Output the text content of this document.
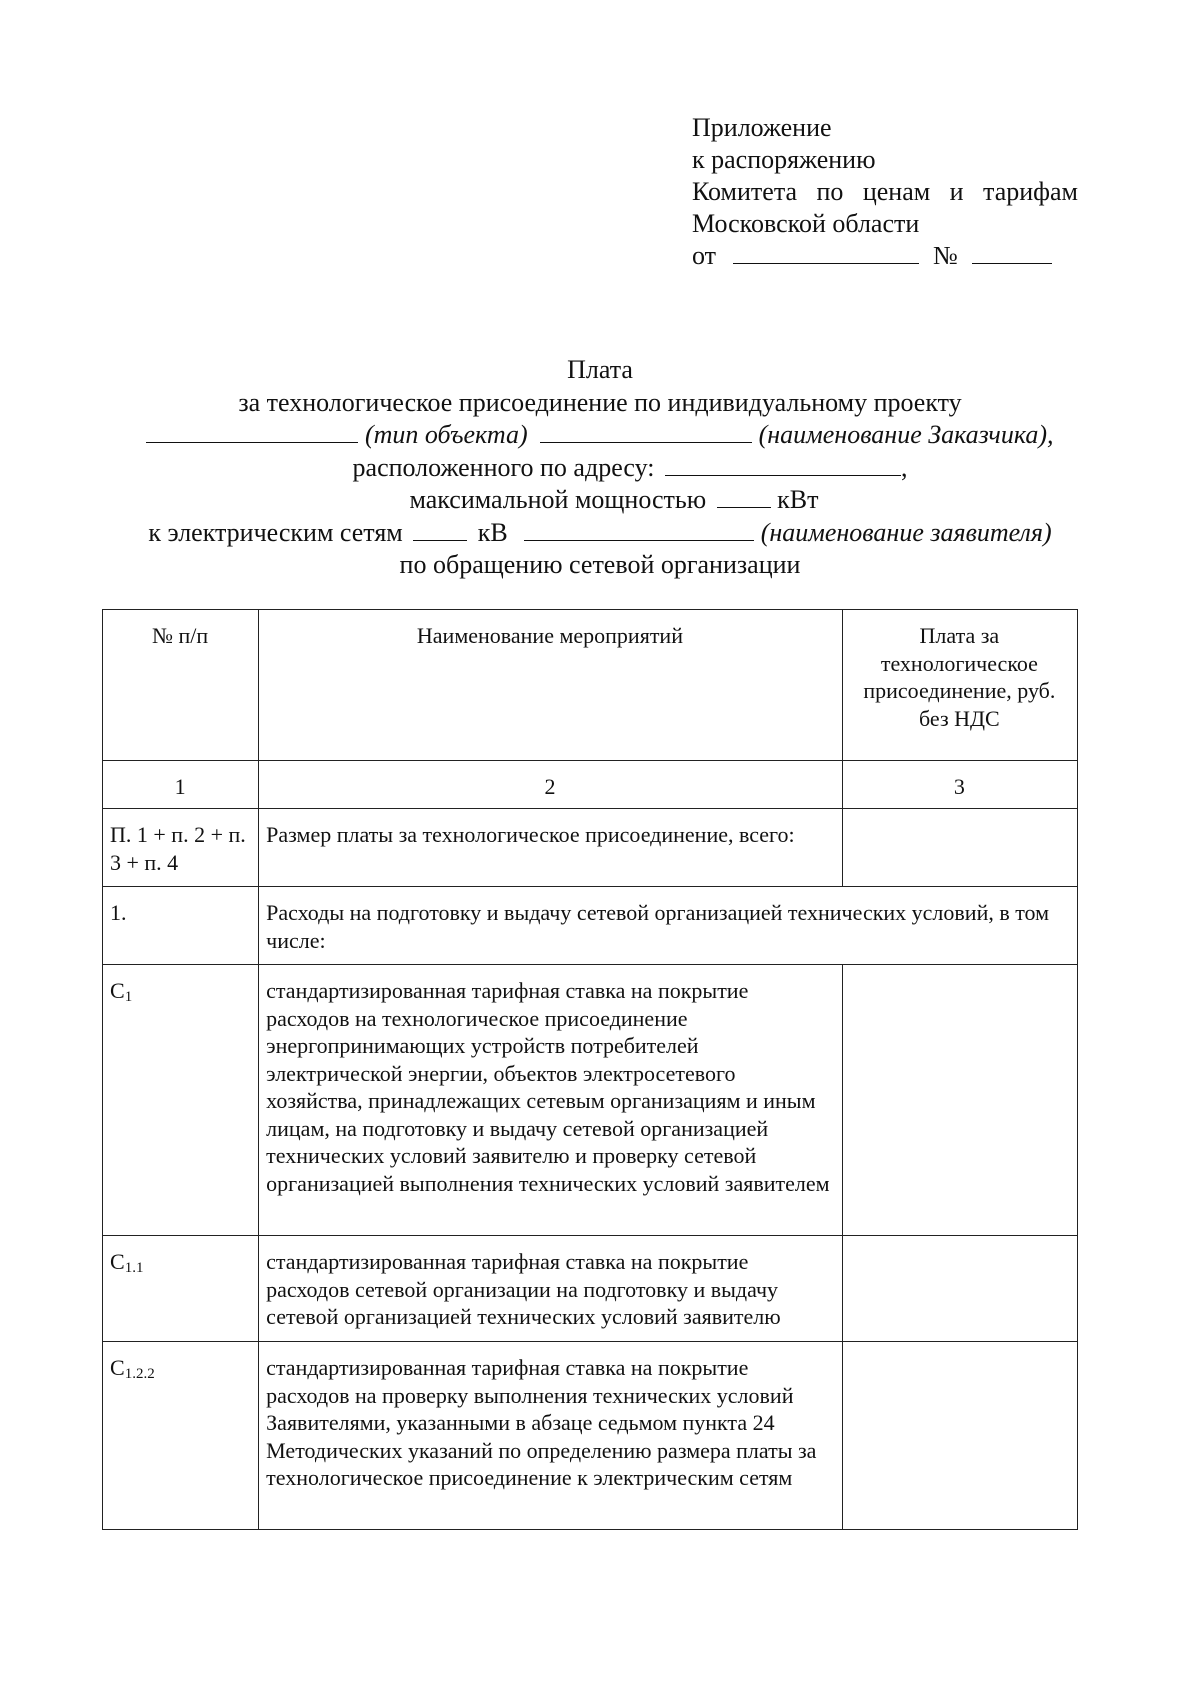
Приложение
к распоряжению
Комитета по ценам и тарифам
Московской области
от	№
Плата
за технологическое присоединение по индивидуальному проекту
(тип объекта)	(наименование Заказчика),
расположенного по адресу:	,
максимальной мощностью	кВт
к электрическим сетям	кВ	(наименование заявителя)
по обращению сетевой организации
№ п/п	Наименование мероприятий	Плата за технологическое присоединение, руб. без НДС

1	2	3

П. 1 + п. 2 + п. 3 + п. 4	Размер платы за технологическое присоединение, всего:	

1.	Расходы на подготовку и выдачу сетевой организацией технических условий, в том числе:	

$С_1$	стандартизированная тарифная ставка на покрытие расходов на технологическое присоединение энергопринимающих устройств потребителей электрической энергии, объектов электросетевого хозяйства, принадлежащих сетевым организациям и иным лицам, на подготовку и выдачу сетевой организацией технических условий заявителю и проверку сетевой организацией выполнения технических условий заявителем	

$С_{1.1}$	стандартизированная тарифная ставка на покрытие расходов сетевой организации на подготовку и выдачу сетевой организацией технических условий заявителю	

$С_{1.2.2}$	стандартизированная тарифная ставка на покрытие расходов на проверку выполнения технических условий Заявителями, указанными в абзаце седьмом пункта 24 Методических указаний по определению размера платы за технологическое присоединение к электрическим сетям	
